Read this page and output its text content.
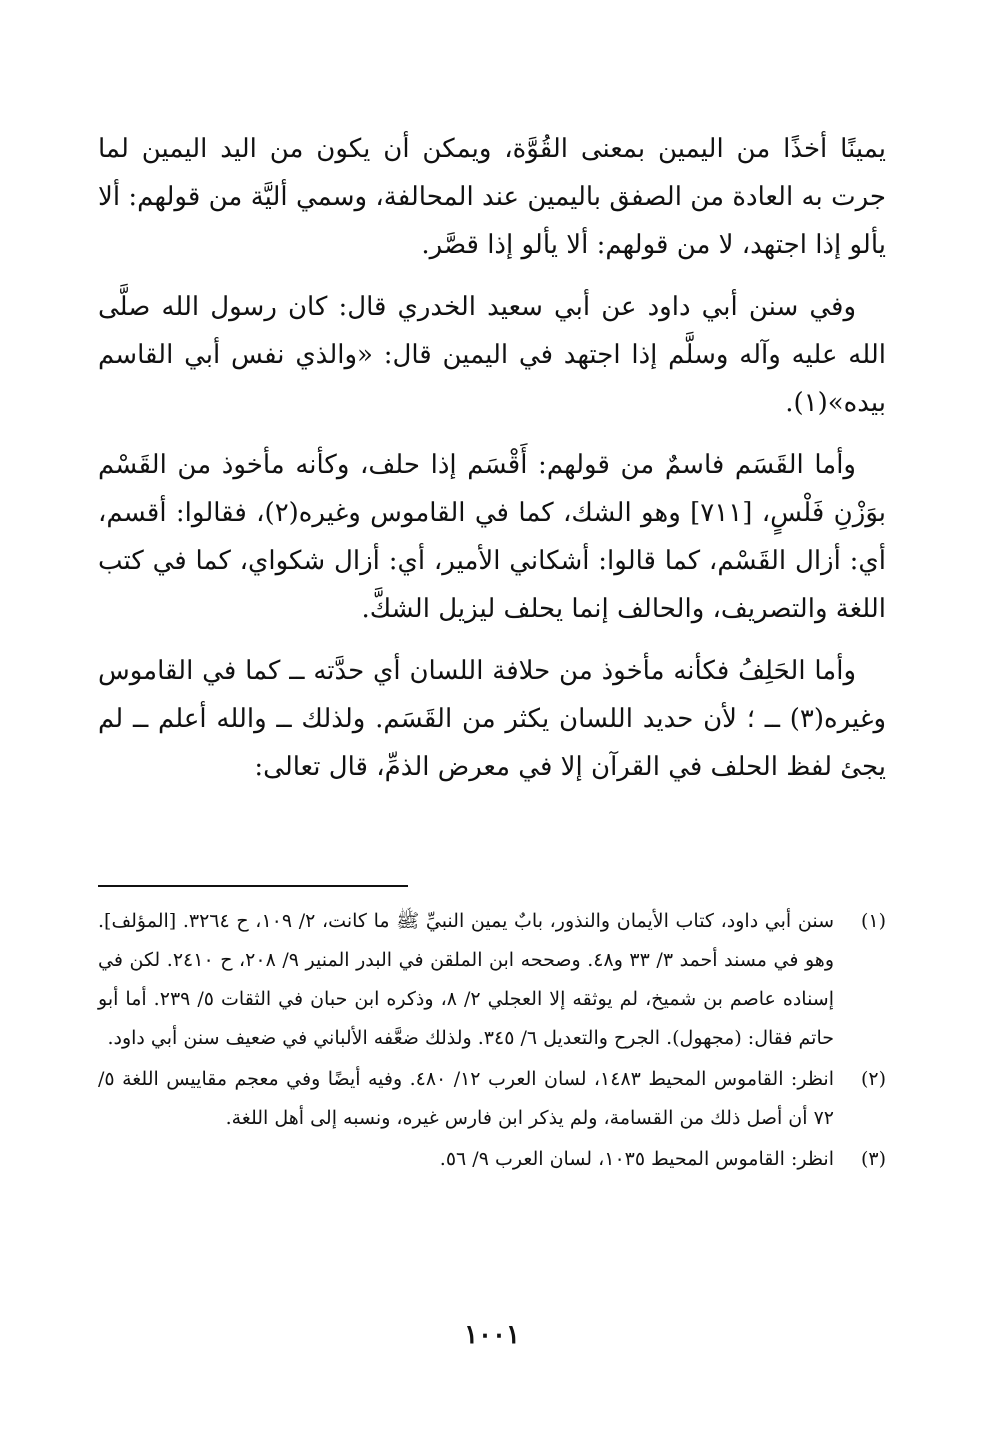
يمينًا أخذًا من اليمين بمعنى القُوَّة، ويمكن أن يكون من اليد اليمين لما جرت به العادة من الصفق باليمين عند المحالفة، وسمي أليَّة من قولهم: ألا يألو إذا اجتهد، لا من قولهم: ألا يألو إذا قصَّر.

وفي سنن أبي داود عن أبي سعيد الخدري قال: كان رسول الله صلَّى الله عليه وآله وسلَّم إذا اجتهد في اليمين قال: «والذي نفس أبي القاسم بيده»(١).

وأما القَسَم فاسمٌ من قولهم: أَقْسَم إذا حلف، وكأنه مأخوذ من القَسْم بوَزْنِ فَلْسٍ، [٧١١] وهو الشك، كما في القاموس وغيره(٢)، فقالوا: أقسم، أي: أزال القَسْم، كما قالوا: أشكاني الأمير، أي: أزال شكواي، كما في كتب اللغة والتصريف، والحالف إنما يحلف ليزيل الشكَّ.

وأما الحَلِفُ فكأنه مأخوذ من حلافة اللسان أي حدَّته ــ كما في القاموس وغيره(٣) ــ ؛ لأن حديد اللسان يكثر من القَسَم. ولذلك ــ والله أعلم ــ لم يجئ لفظ الحلف في القرآن إلا في معرض الذمِّ، قال تعالى:

(١)
سنن أبي داود، كتاب الأيمان والنذور، بابٌ يمين النبيِّ ﷺ ما كانت، ٢/ ١٠٩، ح ٣٢٦٤. [المؤلف]. وهو في مسند أحمد ٣/ ٣٣ و٤٨. وصححه ابن الملقن في البدر المنير ٩/ ٢٠٨، ح ٢٤١٠. لكن في إسناده عاصم بن شميخ، لم يوثقه إلا العجلي ٢/ ٨، وذكره ابن حبان في الثقات ٥/ ٢٣٩. أما أبو حاتم فقال: (مجهول). الجرح والتعديل ٦/ ٣٤٥. ولذلك ضعَّفه الألباني في ضعيف سنن أبي داود.
(٢)
انظر: القاموس المحيط ١٤٨٣، لسان العرب ١٢/ ٤٨٠. وفيه أيضًا وفي معجم مقاييس اللغة ٥/ ٧٢ أن أصل ذلك من القسامة، ولم يذكر ابن فارس غيره، ونسبه إلى أهل اللغة.
(٣)
انظر: القاموس المحيط ١٠٣٥، لسان العرب ٩/ ٥٦.
١٠٠١
